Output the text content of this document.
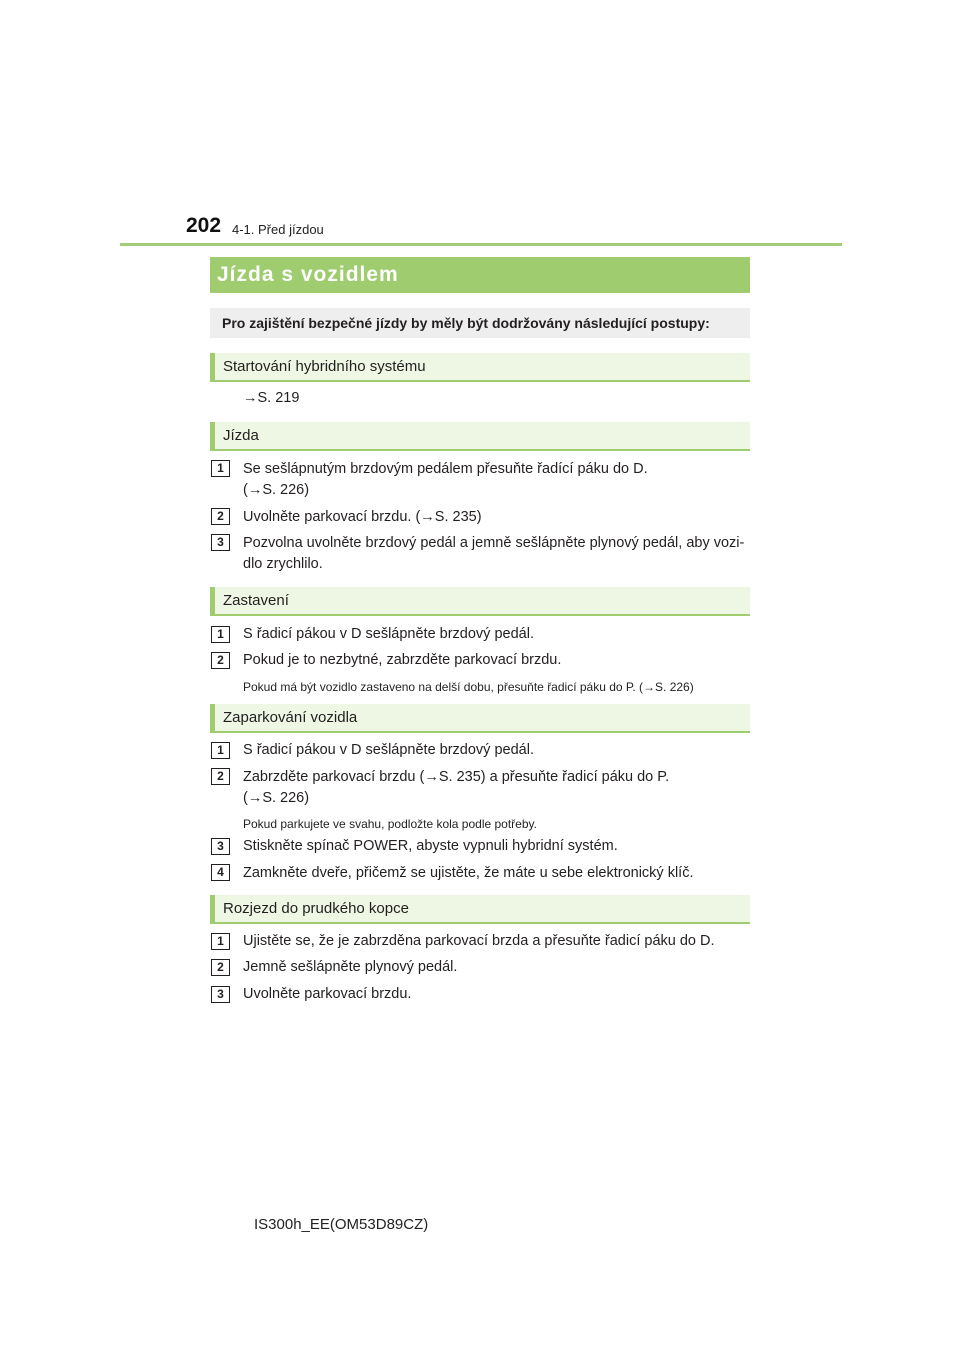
202 4-1. Před jízdou
Jízda s vozidlem
Pro zajištění bezpečné jízdy by měly být dodržovány následující postupy:
Startování hybridního systému
→S. 219
Jízda
1	Se sešlápnutým brzdovým pedálem přesuňte řadící páku do D.
(→S. 226)
2	Uvolněte parkovací brzdu. (→S. 235)
3	Pozvolna uvolněte brzdový pedál a jemně sešlápněte plynový pedál, aby vozi-
dlo zrychlilo.
Zastavení
1	S řadicí pákou v D sešlápněte brzdový pedál.
2	Pokud je to nezbytné, zabrzděte parkovací brzdu.
Pokud má být vozidlo zastaveno na delší dobu, přesuňte řadicí páku do P. (→S. 226)
Zaparkování vozidla
1	S řadicí pákou v D sešlápněte brzdový pedál.
2	Zabrzděte parkovací brzdu (→S. 235) a přesuňte řadicí páku do P.
(→S. 226)
Pokud parkujete ve svahu, podložte kola podle potřeby.
3	Stiskněte spínač POWER, abyste vypnuli hybridní systém.
4	Zamkněte dveře, přičemž se ujistěte, že máte u sebe elektronický klíč.
Rozjezd do prudkého kopce
1	Ujistěte se, že je zabrzděna parkovací brzda a přesuňte řadicí páku do D.
2	Jemně sešlápněte plynový pedál.
3	Uvolněte parkovací brzdu.
IS300h_EE(OM53D89CZ)
